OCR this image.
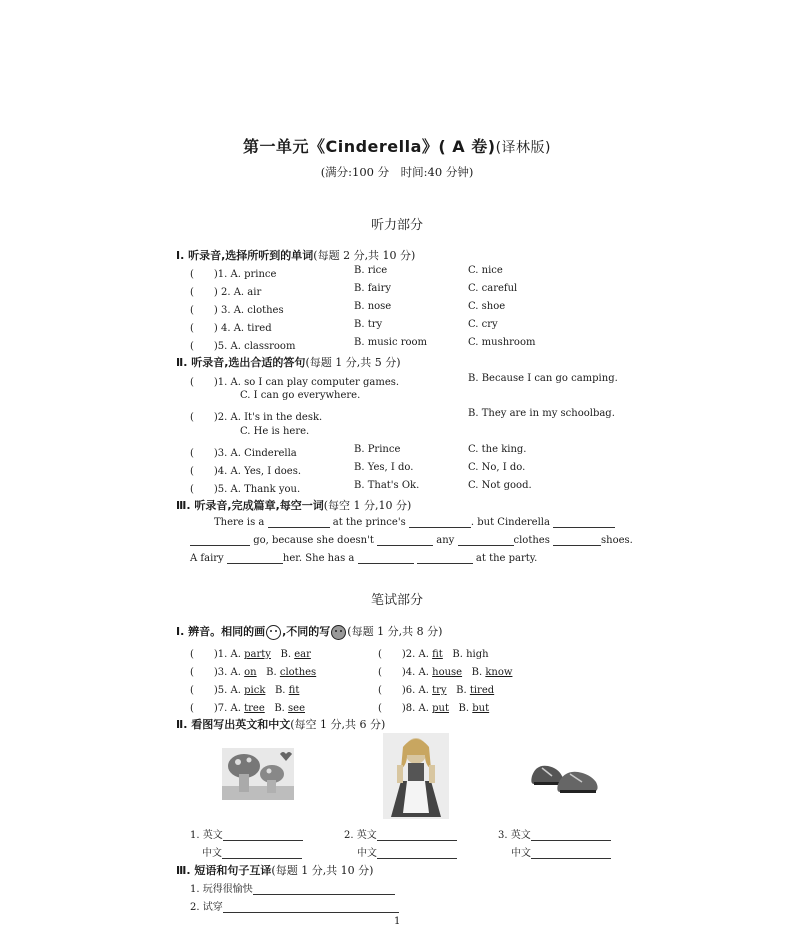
第一单元《Cinderella》( A 卷)(译林版)
(满分:100 分　时间:40 分钟)
听力部分
Ⅰ. 听录音,选择所听到的单词(每题 2 分,共 10 分)
(　　)1. A. prince	B. rice	C. nice
(　　) 2. A. air	B. fairy	C. careful
(　　) 3. A. clothes	B. nose	C. shoe
(　　) 4. A. tired	B. try	C. cry
(　　)5. A. classroom	B. music room	C. mushroom
Ⅱ. 听录音,选出合适的答句(每题 1 分,共 5 分)
(　　)1. A. so I can play computer games.	B. Because I can go camping.
C. I can go everywhere.
(　　)2. A. It's in the desk.	B. They are in my schoolbag.
C. He is here.
(　　)3. A. Cinderella	B. Prince	C. the king.
(　　)4. A. Yes, I does.	B. Yes, I do.	C. No, I do.
(　　)5. A. Thank you.	B. That's Ok.	C. Not good.
Ⅲ. 听录音,完成篇章,每空一词(每空 1 分,10 分)
There is a	at the prince's	. but Cinderella
go, because she doesn't	any	clothes	shoes.
A fairy	her. She has a	at the party.
笔试部分
Ⅰ. 辨音。相同的画 ,不同的写 (每题 1 分,共 8 分)
(　　)1. A. party B. ear	(　　)2. A. fit B. high
(　　)3. A. on B. clothes	(　　)4. A. house B. know
(　　)5. A. pick B. fit	(　　)6. A. try B. tired
(　　)7. A. tree B. see	(　　)8. A. put B. but
Ⅱ. 看图写出英文和中文(每空 1 分,共 6 分)
1. 英文	2. 英文	3. 英文
中文	中文	中文
Ⅲ. 短语和句子互译(每题 1 分,共 10 分)
1. 玩得很愉快
2. 试穿
1
